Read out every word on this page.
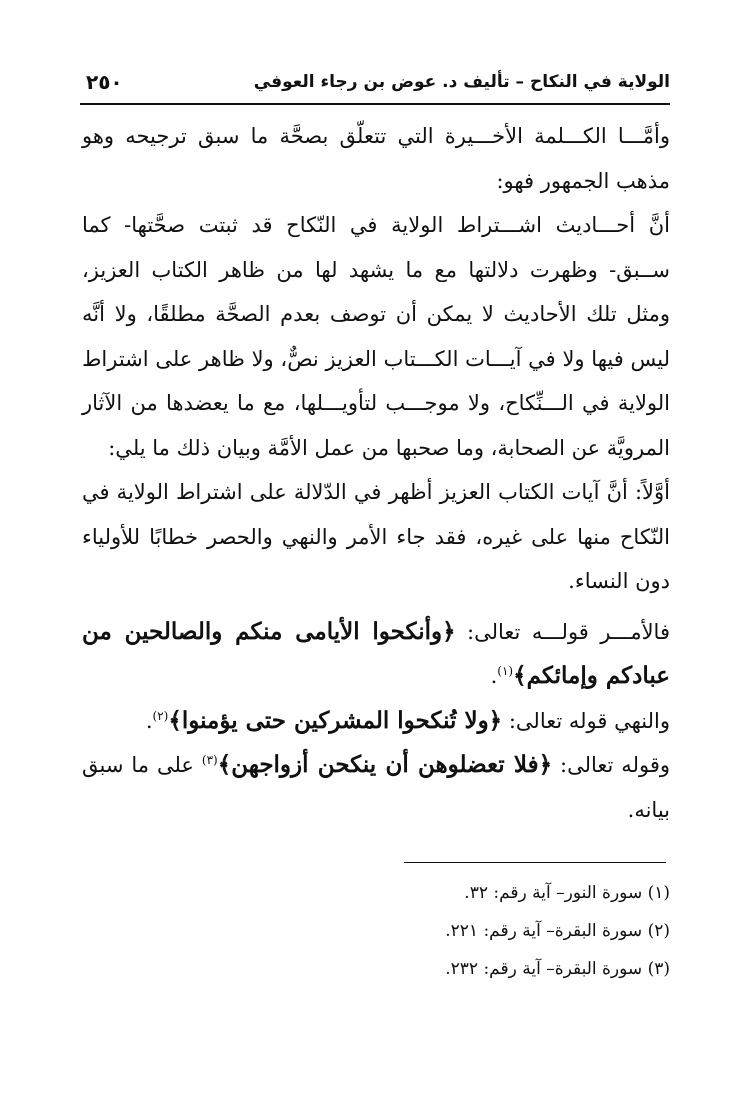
الولاية في النكاح – تأليف د. عوض بن رجاء العوفي
٢٥٠

وأمَّـــا الكـــلمة الأخـــيرة التي تتعلّق بصحَّة ما سبق ترجيحه وهو مذهب الجمهور فهو:

أنَّ أحـــاديث اشـــتراط الولاية في النّكاح قد ثبتت صحَّتها- كما ســبق- وظهرت دلالتها مع ما يشهد لها من ظاهر الكتاب العزيز، ومثل تلك الأحاديث لا يمكن أن توصف بعدم الصحَّة مطلقًا، ولا أنَّه ليس فيها ولا في آيـــات الكـــتاب العزيز نصٌّ، ولا ظاهر على اشتراط الولاية في الـــنِّكاح، ولا موجـــب لتأويـــلها، مع ما يعضدها من الآثار المرويَّة عن الصحابة، وما صحبها من عمل الأمَّة وبيان ذلك ما يلي:

أوَّلاً: أنَّ آيات الكتاب العزيز أظهر في الدّلالة على اشتراط الولاية في النّكاح منها على غيره، فقد جاء الأمر والنهي والحصر خطابًا للأولياء دون النساء.

فالأمـــر قولـــه تعالى: ﴿وأنكحوا الأيامى منكم والصالحين من عبادكم وإمائكم﴾$^{(١)}$.

والنهي قوله تعالى: ﴿ولا تُنكحوا المشركين حتى يؤمنوا﴾$^{(٢)}$.

وقوله تعالى: ﴿فلا تعضلوهن أن ينكحن أزواجهن﴾$^{(٣)}$ على ما سبق بيانه.

(١) سورة النور– آية رقم: ٣٢.
(٢) سورة البقرة– آية رقم: ٢٢١.
(٣) سورة البقرة– آية رقم: ٢٣٢.
